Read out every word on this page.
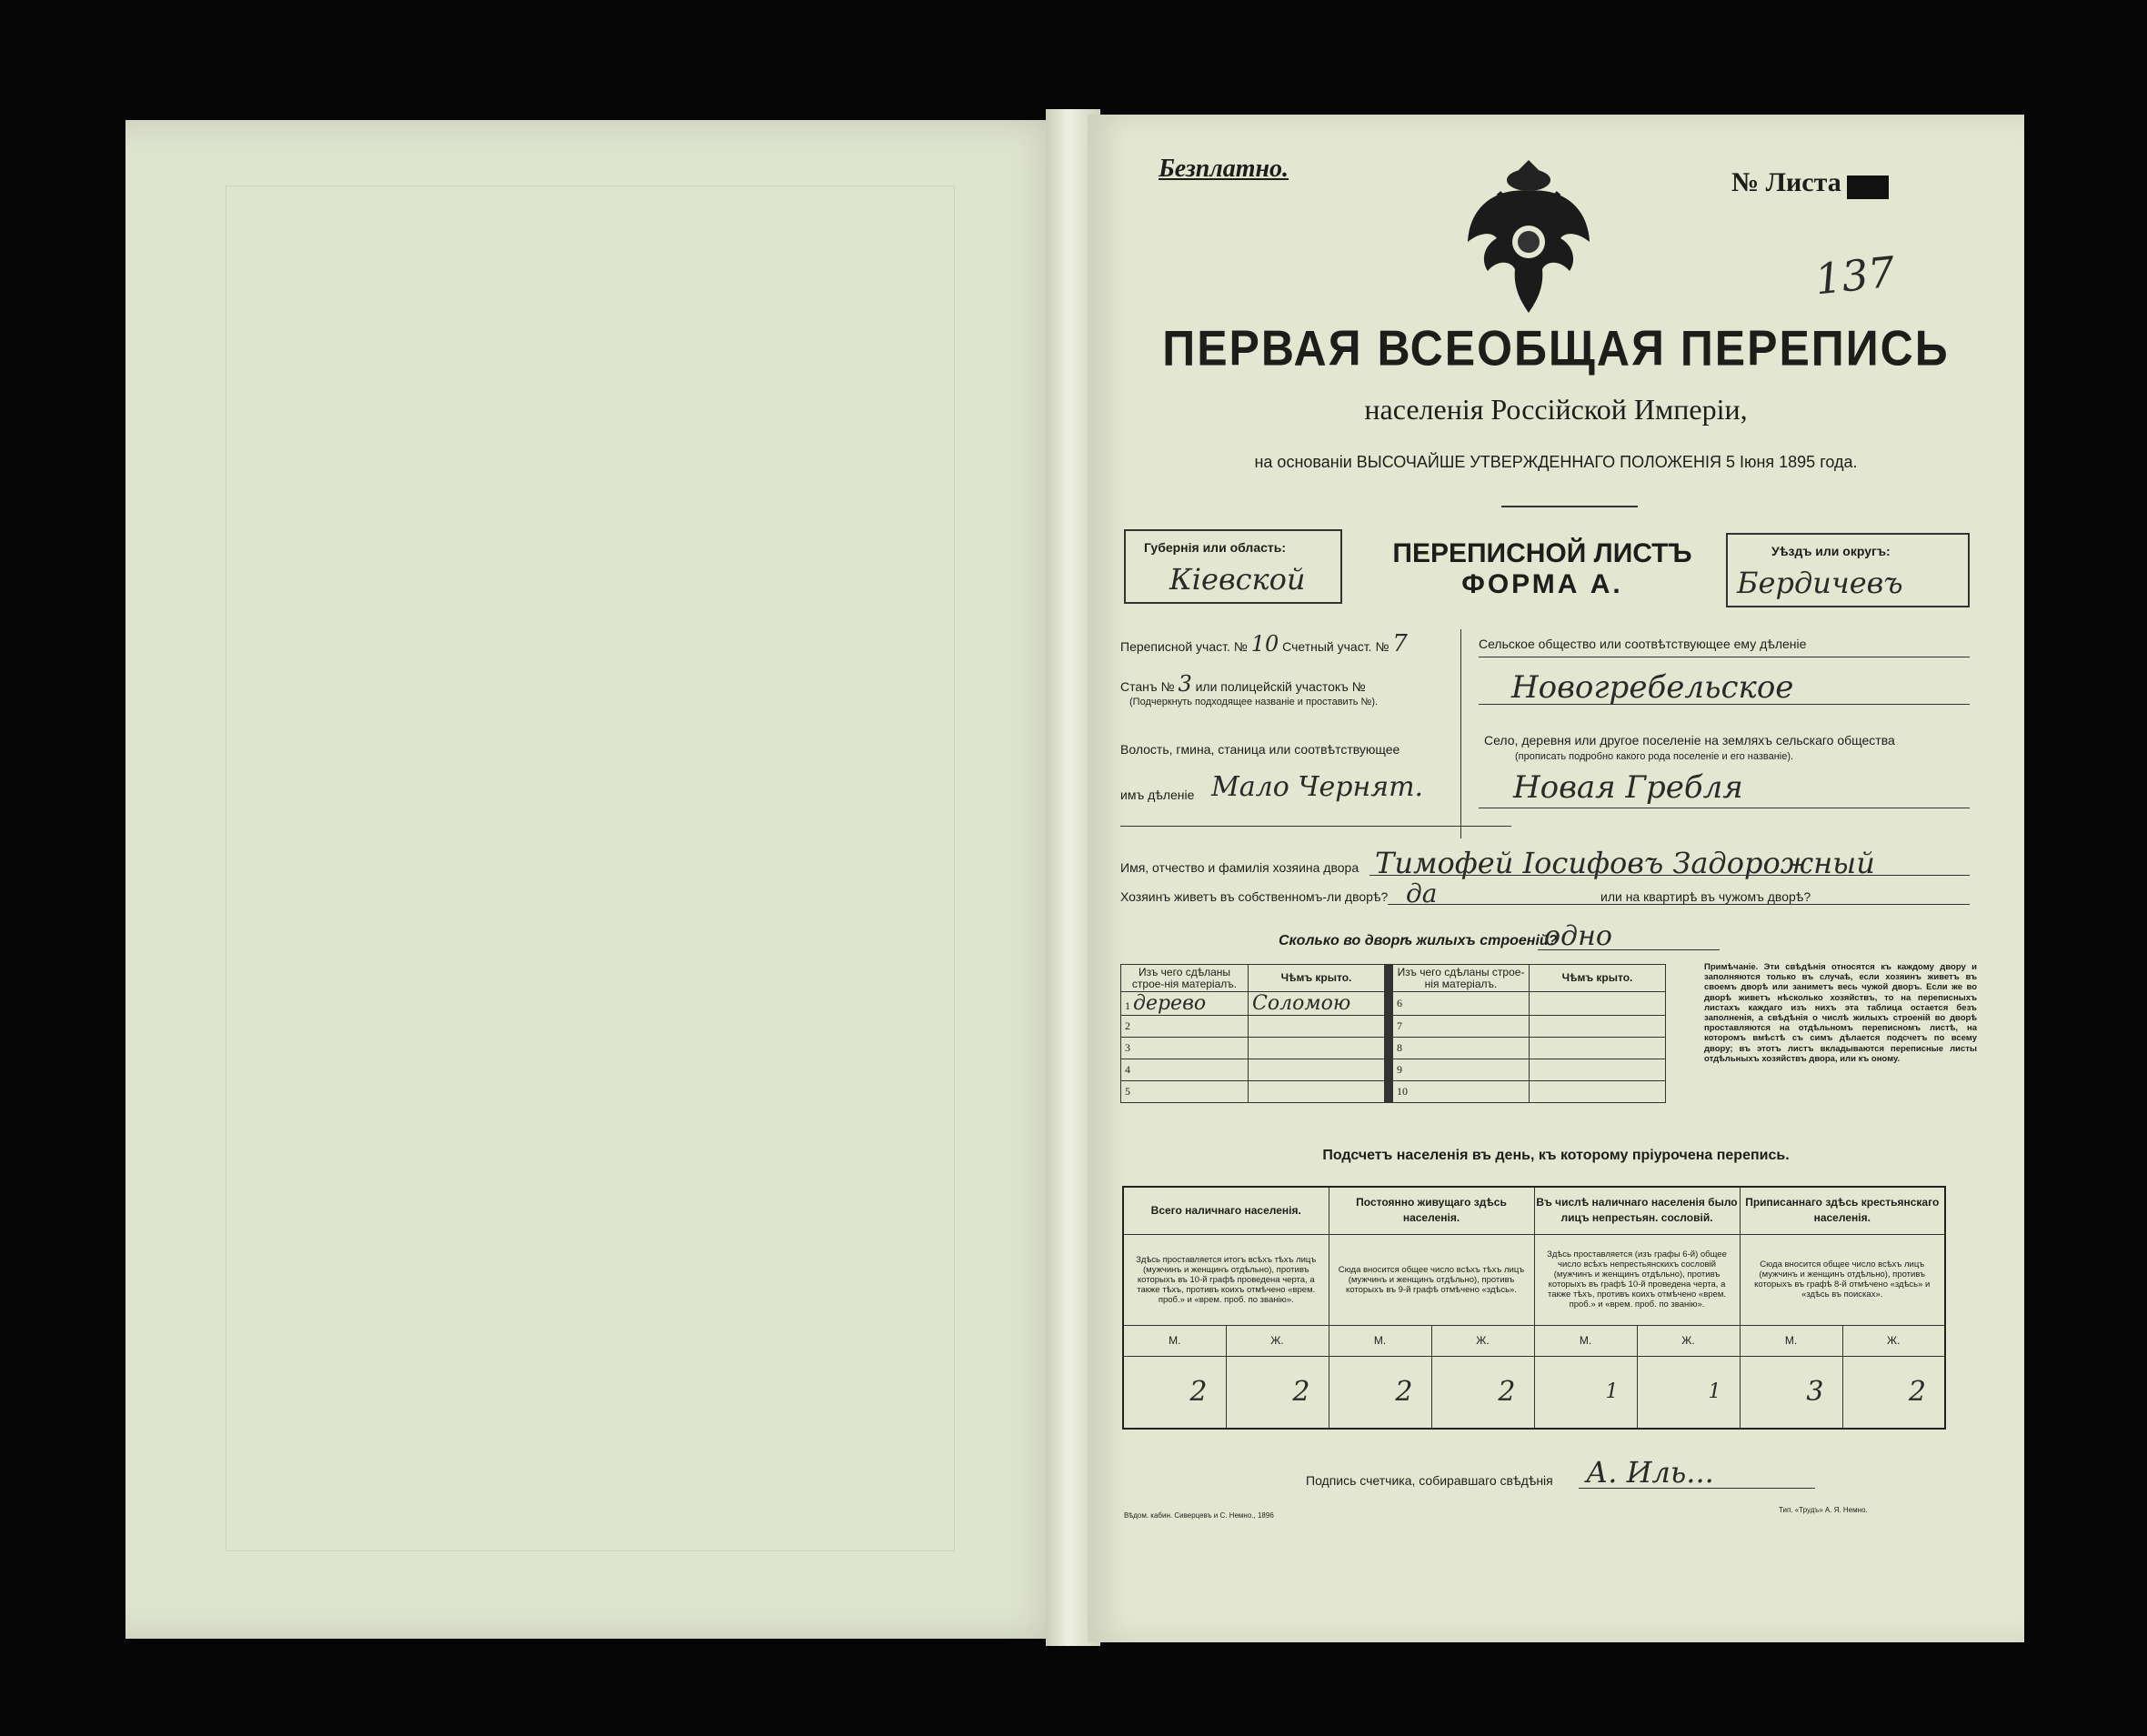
Безплатно.	№ Листа
137
ПЕРВАЯ ВСЕОБЩАЯ ПЕРЕПИСЬ
населенія Россійской Имперіи,
на основаніи ВЫСОЧАЙШЕ УТВЕРЖДЕННАГО ПОЛОЖЕНІЯ 5 Іюня 1895 года.
Губернія или область:
Кіевской
ПЕРЕПИСНОЙ ЛИСТЪ
ФОРМА А.
Уѣздъ или округъ:
Бердичевъ
Переписной участ. № 10 Счетный участ. № 7
Станъ № 3 или полицейскій участокъ №
(Подчеркнуть подходящее названіе и проставить №).
Волость, гмина, станица или соотвѣтствующее
имъ дѣленіе Мало Чернят.
Сельское общество или соотвѣтствующее ему дѣленіе
Новогребельское
Село, деревня или другое поселеніе на земляхъ сельскаго общества
(прописать подробно какого рода поселеніе и его названіе).
Новая Гребля
Имя, отчество и фамилія хозяина двора Тимофей Іосифовъ Задорожный
Хозяинъ живетъ въ собственномъ-ли дворѣ? да	или на квартирѣ въ чужомъ дворѣ?
Сколько во дворѣ жилыхъ строеній?
одно
Изъ чего сдѣланы строе-нія матеріалъ.	Чѣмъ крыто.		Изъ чего сдѣланы строе-нія матеріалъ.	Чѣмъ крыто.
1 дерево	Соломою		6	
2			7	
3			8	
4			9	
5			10	
Примѣчаніе. Эти свѣдѣнія относятся къ каждому двору и заполняются только въ случаѣ, если хозяинъ живетъ въ своемъ дворѣ или заниметъ весь чужой дворъ. Если же во дворѣ живетъ нѣсколько хозяйствъ, то на переписныхъ листахъ каждаго изъ нихъ эта таблица остается безъ заполненія, а свѣдѣнія о числѣ жилыхъ строеній во дворѣ проставляются на отдѣльномъ переписномъ листѣ, на которомъ вмѣстѣ съ симъ дѣлается подсчетъ по всему двору; въ этотъ листъ вкладываются переписные листы отдѣльныхъ хозяйствъ двора, или къ оному.
Подсчетъ населенія въ день, къ которому пріурочена перепись.
Всего наличнаго населенія.		Постоянно живущаго здѣсь населенія.		Въ числѣ наличнаго населенія было лицъ непрестьян. сословій.		Приписаннаго здѣсь крестьянскаго населенія.	
Здѣсь проставляется итогъ всѣхъ тѣхъ лицъ (мужчинъ и женщинъ отдѣльно), противъ которыхъ въ 10-й графѣ проведена черта, а также тѣхъ, противъ коихъ отмѣчено «врем. проб.» и «врем. проб. по званію».		Сюда вносится общее число всѣхъ тѣхъ лицъ (мужчинъ и женщинъ отдѣльно), противъ которыхъ въ 9-й графѣ отмѣчено «здѣсь».		Здѣсь проставляется (изъ графы 6-й) общее число всѣхъ непрестьянскихъ сословій (мужчинъ и женщинъ отдѣльно), противъ которыхъ въ графѣ 10-й проведена черта, а также тѣхъ, противъ коихъ отмѣчено «врем. проб.» и «врем. проб. по званію».		Сюда вносится общее число всѣхъ лицъ (мужчинъ и женщинъ отдѣльно), противъ которыхъ въ графѣ 8-й отмѣчено «здѣсь» и «здѣсь въ поисках».	
М.	Ж.	М.	Ж.	М.	Ж.	М.	Ж.
2	2	2	2	1	1	3	2
Подпись счетчика, собиравшаго свѣдѣнія А. Иль...
Вѣдом. кабин. Сиверцевъ и С. Немно., 1896
Тип. «Трудъ» А. Я. Немно.
